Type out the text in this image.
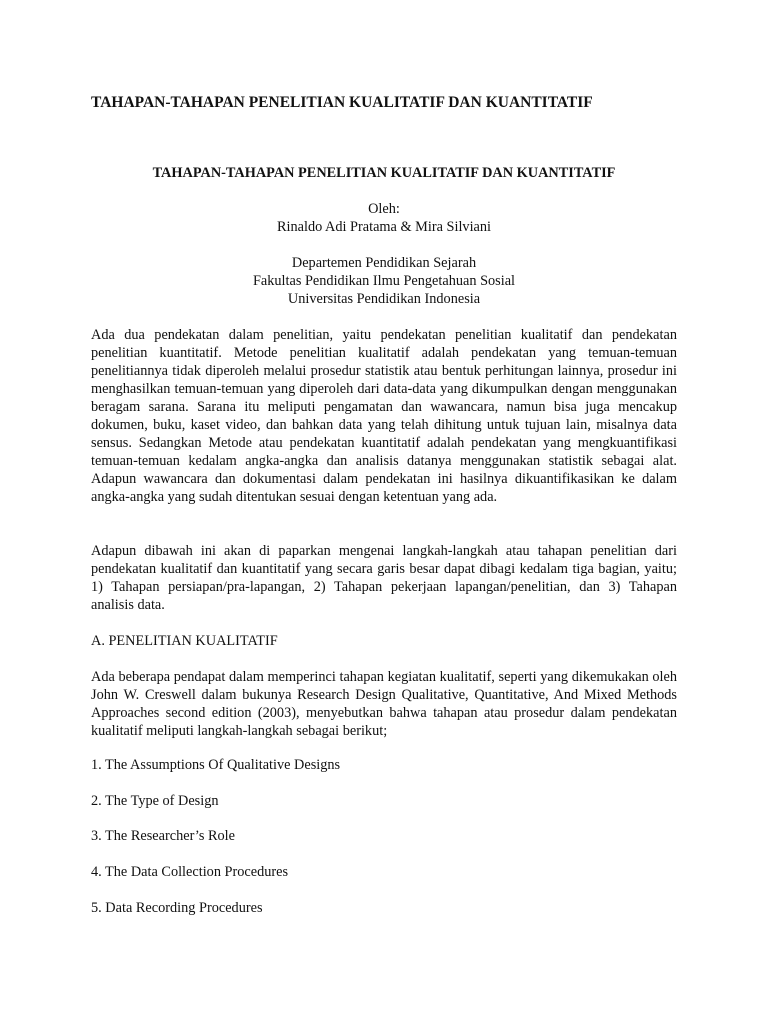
TAHAPAN-TAHAPAN PENELITIAN KUALITATIF DAN KUANTITATIF
TAHAPAN-TAHAPAN PENELITIAN KUALITATIF DAN KUANTITATIF
Oleh:
Rinaldo Adi Pratama & Mira Silviani
Departemen Pendidikan Sejarah
Fakultas Pendidikan Ilmu Pengetahuan Sosial
Universitas Pendidikan Indonesia

Ada dua pendekatan dalam penelitian, yaitu pendekatan penelitian kualitatif dan pendekatan penelitian kuantitatif. Metode penelitian kualitatif adalah pendekatan yang temuan-temuan penelitiannya tidak diperoleh melalui prosedur statistik atau bentuk perhitungan lainnya, prosedur ini menghasilkan temuan-temuan yang diperoleh dari data-data yang dikumpulkan dengan menggunakan beragam sarana. Sarana itu meliputi pengamatan dan wawancara, namun bisa juga mencakup dokumen, buku, kaset video, dan bahkan data yang telah dihitung untuk tujuan lain, misalnya data sensus. Sedangkan Metode atau pendekatan kuantitatif adalah pendekatan yang mengkuantifikasi temuan-temuan kedalam angka-angka dan analisis datanya menggunakan statistik sebagai alat. Adapun wawancara dan dokumentasi dalam pendekatan ini hasilnya dikuantifikasikan ke dalam angka-angka yang sudah ditentukan sesuai dengan ketentuan yang ada.

Adapun dibawah ini akan di paparkan mengenai langkah-langkah atau tahapan penelitian dari pendekatan kualitatif dan kuantitatif yang secara garis besar dapat dibagi kedalam tiga bagian, yaitu; 1) Tahapan persiapan/pra-lapangan, 2) Tahapan pekerjaan lapangan/penelitian, dan 3) Tahapan analisis data.

A. PENELITIAN KUALITATIF

Ada beberapa pendapat dalam memperinci tahapan kegiatan kualitatif, seperti yang dikemukakan oleh John W. Creswell dalam bukunya Research Design Qualitative, Quantitative, And Mixed Methods Approaches second edition (2003), menyebutkan bahwa tahapan atau prosedur dalam pendekatan kualitatif meliputi langkah-langkah sebagai berikut;

1. The Assumptions Of Qualitative Designs

2. The Type of Design

3. The Researcher’s Role

4. The Data Collection Procedures

5. Data Recording Procedures
